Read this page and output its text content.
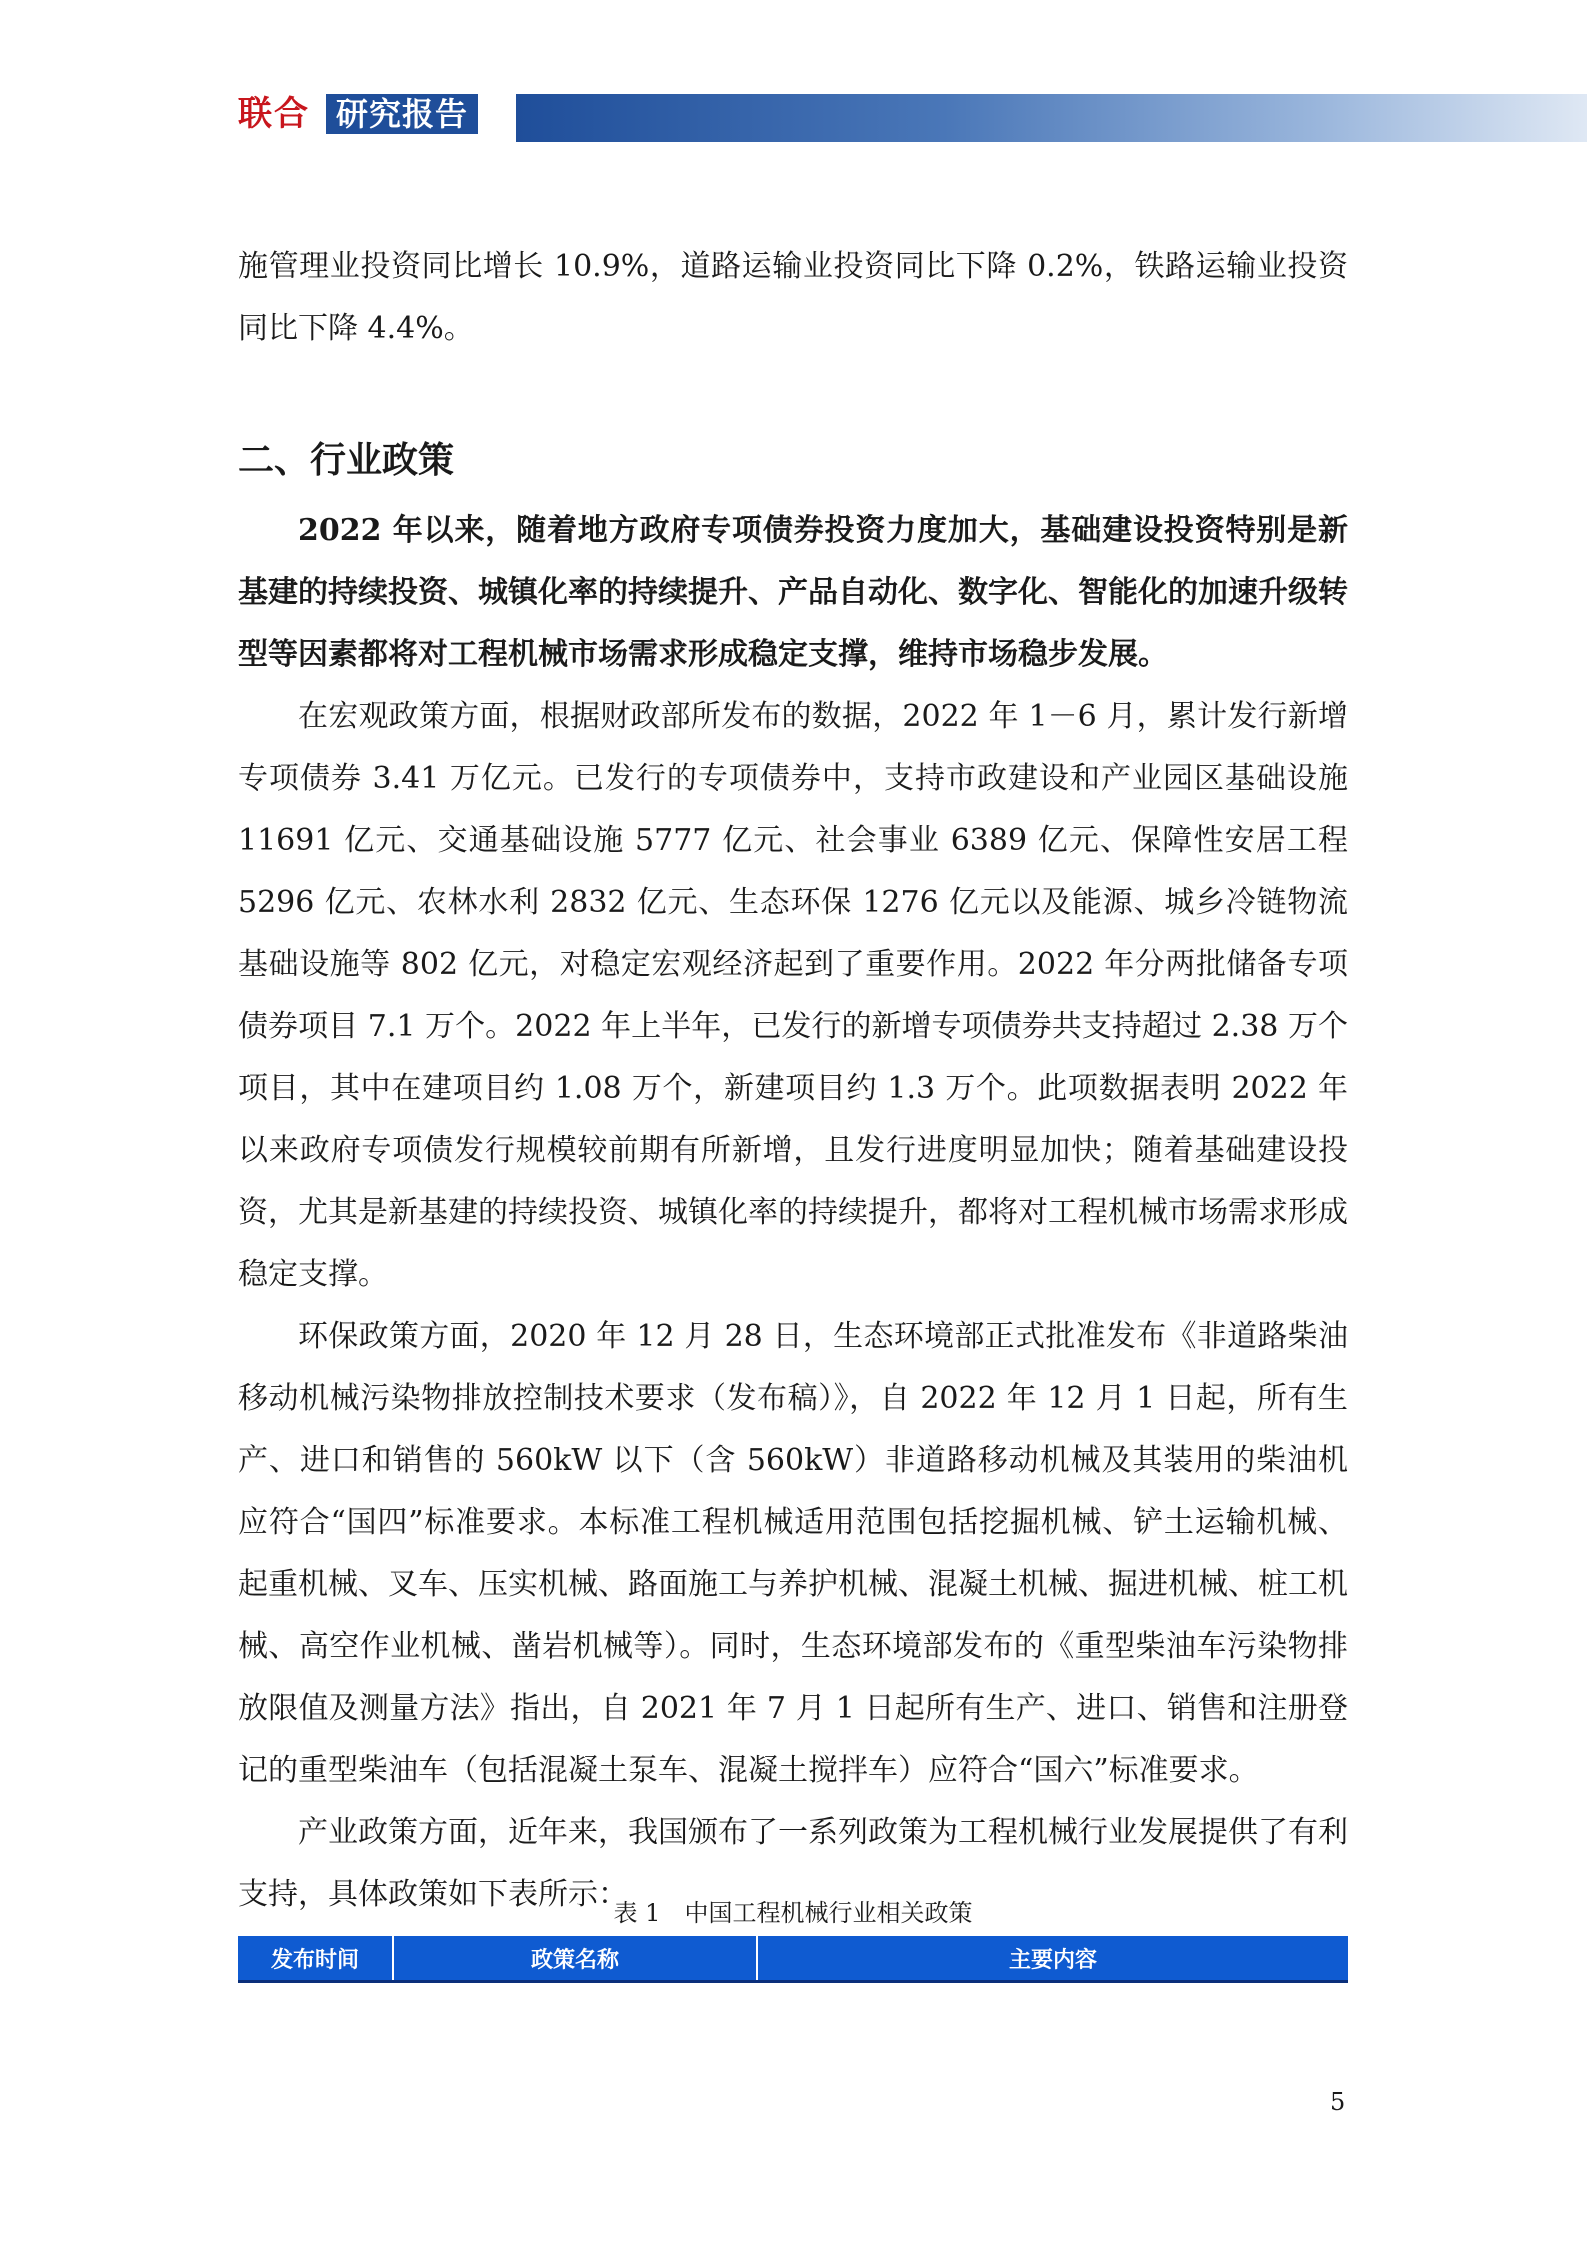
联合 研究报告

施管理业投资同比增长 10.9%，道路运输业投资同比下降 0.2%，铁路运输业投资同比下降 4.4%。

二、行业政策

2022 年以来，随着地方政府专项债券投资力度加大，基础建设投资特别是新基建的持续投资、城镇化率的持续提升、产品自动化、数字化、智能化的加速升级转型等因素都将对工程机械市场需求形成稳定支撑，维持市场稳步发展。

在宏观政策方面，根据财政部所发布的数据，2022 年 1－6 月，累计发行新增专项债券 3.41 万亿元。已发行的专项债券中，支持市政建设和产业园区基础设施 11691 亿元、交通基础设施 5777 亿元、社会事业 6389 亿元、保障性安居工程 5296 亿元、农林水利 2832 亿元、生态环保 1276 亿元以及能源、城乡冷链物流基础设施等 802 亿元，对稳定宏观经济起到了重要作用。2022 年分两批储备专项债券项目 7.1 万个。2022 年上半年，已发行的新增专项债券共支持超过 2.38 万个项目，其中在建项目约 1.08 万个，新建项目约 1.3 万个。此项数据表明 2022 年以来政府专项债发行规模较前期有所新增，且发行进度明显加快；随着基础建设投资，尤其是新基建的持续投资、城镇化率的持续提升，都将对工程机械市场需求形成稳定支撑。

环保政策方面，2020 年 12 月 28 日，生态环境部正式批准发布《非道路柴油移动机械污染物排放控制技术要求（发布稿）》，自 2022 年 12 月 1 日起，所有生产、进口和销售的 560kW 以下（含 560kW）非道路移动机械及其装用的柴油机应符合“国四”标准要求。本标准工程机械适用范围包括挖掘机械、铲土运输机械、起重机械、叉车、压实机械、路面施工与养护机械、混凝土机械、掘进机械、桩工机械、高空作业机械、凿岩机械等）。同时，生态环境部发布的《重型柴油车污染物排放限值及测量方法》指出，自 2021 年 7 月 1 日起所有生产、进口、销售和注册登记的重型柴油车（包括混凝土泵车、混凝土搅拌车）应符合“国六”标准要求。

产业政策方面，近年来，我国颁布了一系列政策为工程机械行业发展提供了有利支持，具体政策如下表所示：

表 1　中国工程机械行业相关政策
发布时间	政策名称	主要内容
5
